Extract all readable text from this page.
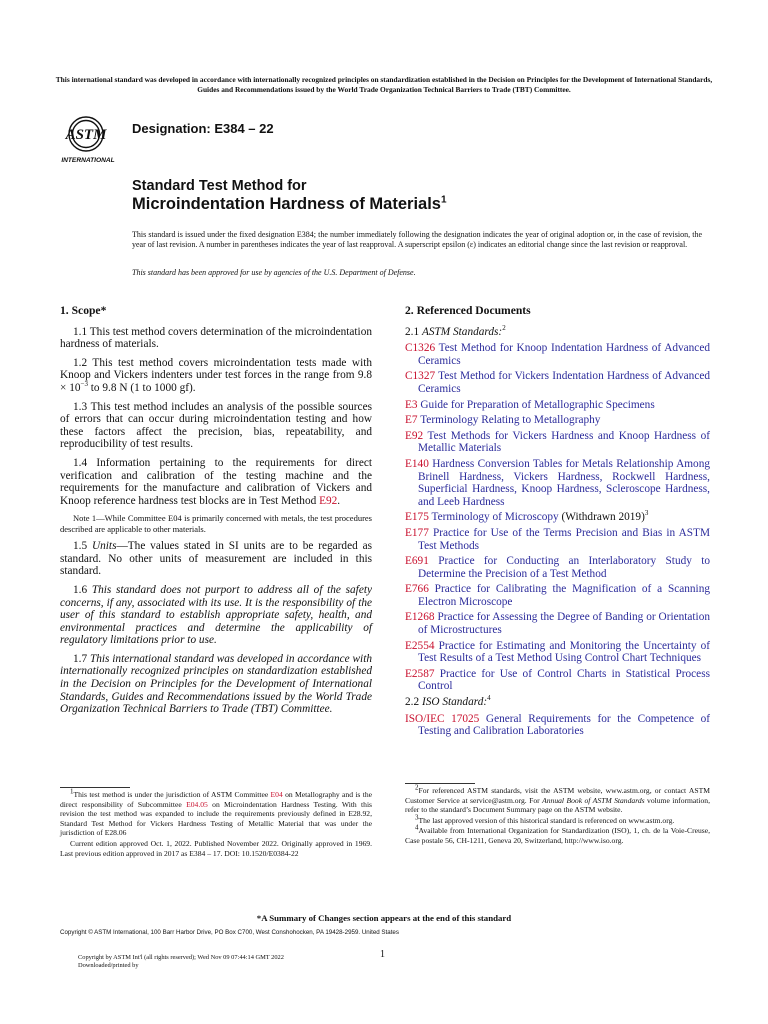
This international standard was developed in accordance with internationally recognized principles on standardization established in the Decision on Principles for the Development of International Standards, Guides and Recommendations issued by the World Trade Organization Technical Barriers to Trade (TBT) Committee.
ASTM
INTERNATIONAL
Designation: E384 – 22
Standard Test Method for
Microindentation Hardness of Materials$^1$
This standard is issued under the fixed designation E384; the number immediately following the designation indicates the year of original adoption or, in the case of revision, the year of last revision. A number in parentheses indicates the year of last reapproval. A superscript epsilon (ε) indicates an editorial change since the last revision or reapproval.
This standard has been approved for use by agencies of the U.S. Department of Defense.
1. Scope*
1.1 This test method covers determination of the microindentation hardness of materials.
1.2 This test method covers microindentation tests made with Knoop and Vickers indenters under test forces in the range from $9.8 \times 10^{-3}$ to 9.8 N (1 to 1000 gf).
1.3 This test method includes an analysis of the possible sources of errors that can occur during microindentation testing and how these factors affect the precision, bias, repeatability, and reproducibility of test results.
1.4 Information pertaining to the requirements for direct verification and calibration of the testing machine and the requirements for the manufacture and calibration of Vickers and Knoop reference hardness test blocks are in Test Method E92.
Note 1—While Committee E04 is primarily concerned with metals, the test procedures described are applicable to other materials.
1.5 Units—The values stated in SI units are to be regarded as standard. No other units of measurement are included in this standard.
1.6 This standard does not purport to address all of the safety concerns, if any, associated with its use. It is the responsibility of the user of this standard to establish appropriate safety, health, and environmental practices and determine the applicability of regulatory limitations prior to use.
1.7 This international standard was developed in accordance with internationally recognized principles on standardization established in the Decision on Principles for the Development of International Standards, Guides and Recommendations issued by the World Trade Organization Technical Barriers to Trade (TBT) Committee.
2. Referenced Documents
2.1 ASTM Standards:$^2$
C1326 Test Method for Knoop Indentation Hardness of Advanced Ceramics
C1327 Test Method for Vickers Indentation Hardness of Advanced Ceramics
E3 Guide for Preparation of Metallographic Specimens
E7 Terminology Relating to Metallography
E92 Test Methods for Vickers Hardness and Knoop Hardness of Metallic Materials
E140 Hardness Conversion Tables for Metals Relationship Among Brinell Hardness, Vickers Hardness, Rockwell Hardness, Superficial Hardness, Knoop Hardness, Scleroscope Hardness, and Leeb Hardness
E175 Terminology of Microscopy (Withdrawn 2019)$^3$
E177 Practice for Use of the Terms Precision and Bias in ASTM Test Methods
E691 Practice for Conducting an Interlaboratory Study to Determine the Precision of a Test Method
E766 Practice for Calibrating the Magnification of a Scanning Electron Microscope
E1268 Practice for Assessing the Degree of Banding or Orientation of Microstructures
E2554 Practice for Estimating and Monitoring the Uncertainty of Test Results of a Test Method Using Control Chart Techniques
E2587 Practice for Use of Control Charts in Statistical Process Control
2.2 ISO Standard:$^4$
ISO/IEC 17025 General Requirements for the Competence of Testing and Calibration Laboratories

$^1$This test method is under the jurisdiction of ASTM Committee E04 on Metallography and is the direct responsibility of Subcommittee E04.05 on Microindentation Hardness Testing. With this revision the test method was expanded to include the requirements previously defined in E28.92, Standard Test Method for Vickers Hardness Testing of Metallic Material that was under the jurisdiction of E28.06

Current edition approved Oct. 1, 2022. Published November 2022. Originally approved in 1969. Last previous edition approved in 2017 as E384 – 17. DOI: 10.1520/E0384-22

$^2$For referenced ASTM standards, visit the ASTM website, www.astm.org, or contact ASTM Customer Service at service@astm.org. For Annual Book of ASTM Standards volume information, refer to the standard’s Document Summary page on the ASTM website.

$^3$The last approved version of this historical standard is referenced on www.astm.org.

$^4$Available from International Organization for Standardization (ISO), 1, ch. de la Voie-Creuse, Case postale 56, CH-1211, Geneva 20, Switzerland, http://www.iso.org.

*A Summary of Changes section appears at the end of this standard
Copyright © ASTM International, 100 Barr Harbor Drive, PO Box C700, West Conshohocken, PA 19428-2959. United States
1
Copyright by ASTM Int'l (all rights reserved); Wed Nov 09 07:44:14 GMT 2022
Downloaded/printed by
